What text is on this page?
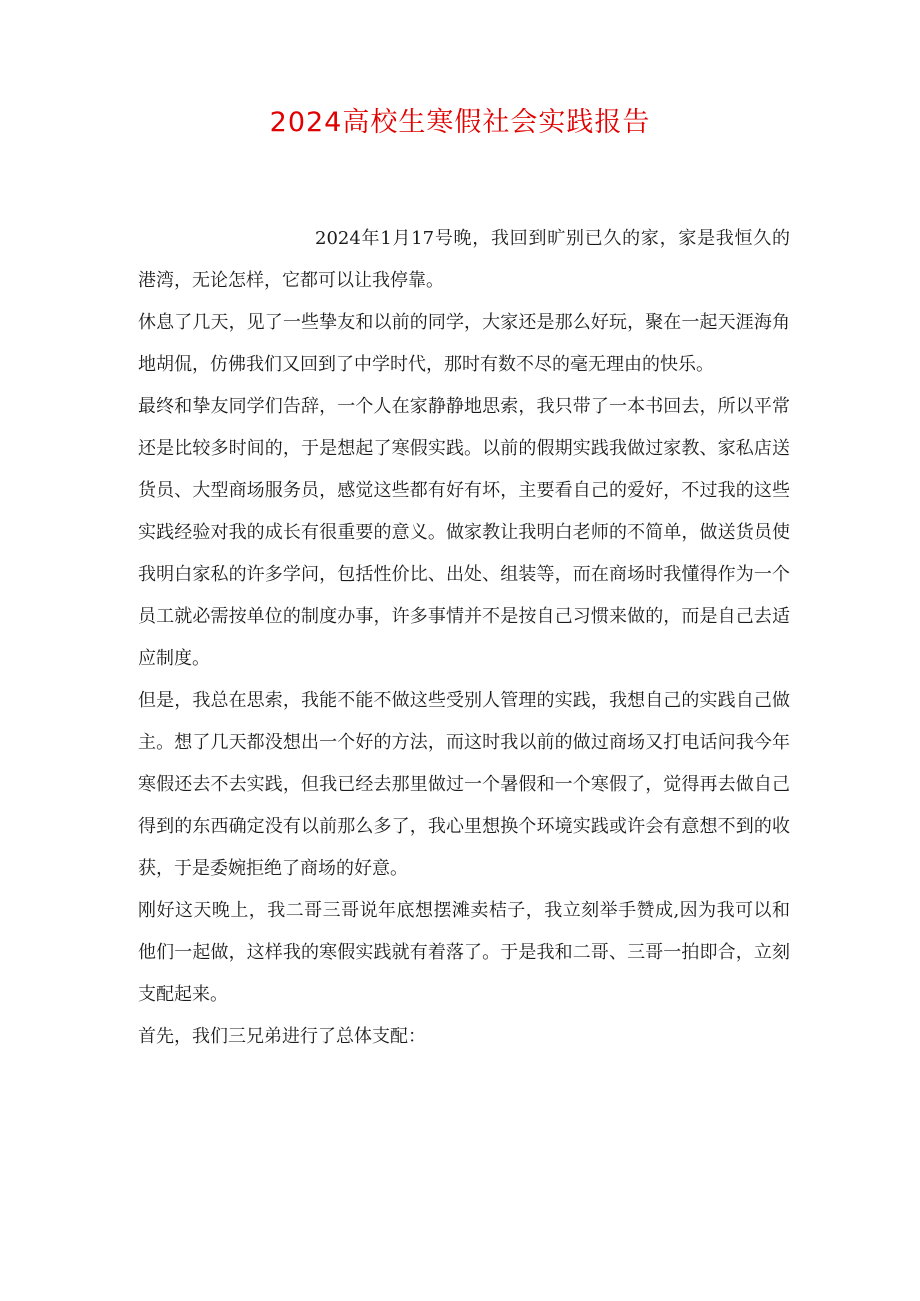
2024高校生寒假社会实践报告

2024年1月17号晚，我回到旷别已久的家，家是我恒久的港湾，无论怎样，它都可以让我停靠。

休息了几天，见了一些挚友和以前的同学，大家还是那么好玩，聚在一起天涯海角地胡侃，仿佛我们又回到了中学时代，那时有数不尽的毫无理由的快乐。

最终和挚友同学们告辞，一个人在家静静地思索，我只带了一本书回去，所以平常还是比较多时间的，于是想起了寒假实践。以前的假期实践我做过家教、家私店送货员、大型商场服务员，感觉这些都有好有坏，主要看自己的爱好，不过我的这些实践经验对我的成长有很重要的意义。做家教让我明白老师的不简单，做送货员使我明白家私的许多学问，包括性价比、出处、组装等，而在商场时我懂得作为一个员工就必需按单位的制度办事，许多事情并不是按自己习惯来做的，而是自己去适应制度。

但是，我总在思索，我能不能不做这些受别人管理的实践，我想自己的实践自己做主。想了几天都没想出一个好的方法，而这时我以前的做过商场又打电话问我今年寒假还去不去实践，但我已经去那里做过一个暑假和一个寒假了，觉得再去做自己得到的东西确定没有以前那么多了，我心里想换个环境实践或许会有意想不到的收获，于是委婉拒绝了商场的好意。

刚好这天晚上，我二哥三哥说年底想摆滩卖桔子，我立刻举手赞成,因为我可以和他们一起做，这样我的寒假实践就有着落了。于是我和二哥、三哥一拍即合，立刻支配起来。

首先，我们三兄弟进行了总体支配：
